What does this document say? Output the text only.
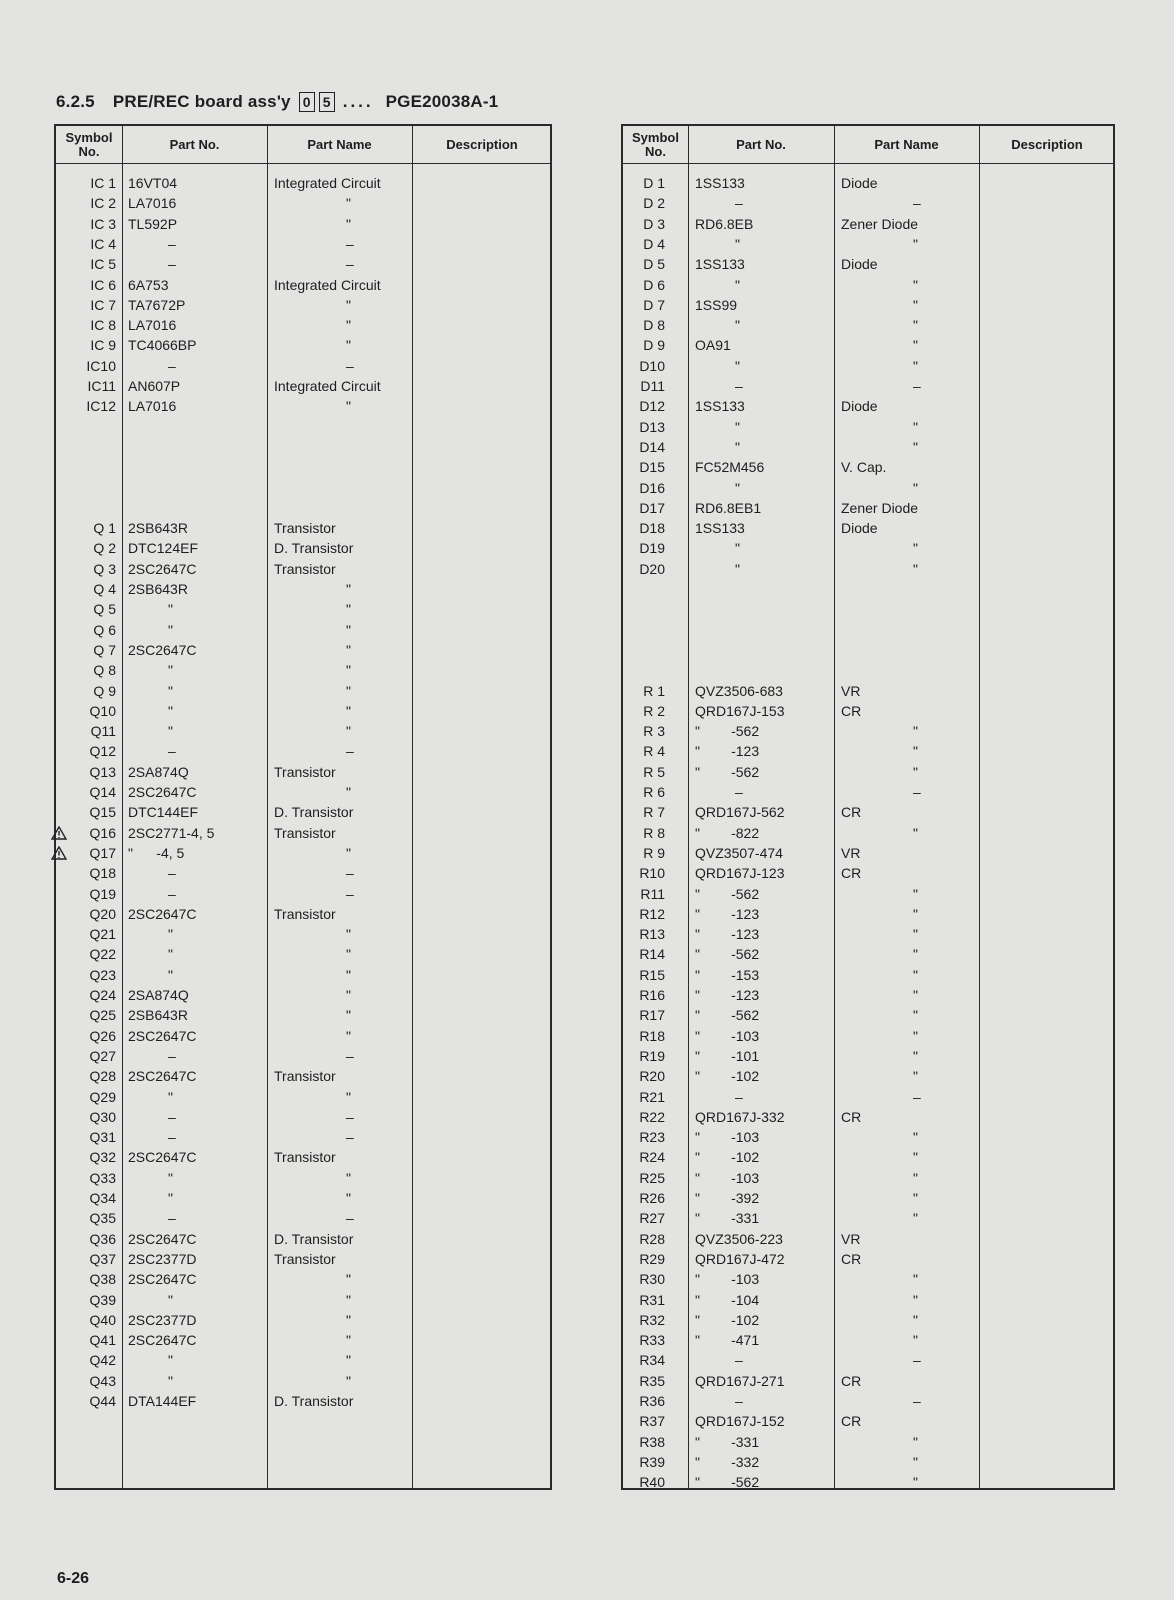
6.2.5 PRE/REC board ass'y 0 5 .... PGE20038A-1
Symbol No.	Part No.	Part Name	Description
IC 1 16VT04	Integrated Circuit
IC 2 LA7016	"
IC 3 TL592P	"
IC 4	–	–
IC 5	–	–
IC 6 6A753	Integrated Circuit
IC 7 TA7672P	"
IC 8 LA7016	"
IC 9 TC4066BP	"
IC10	–	–
IC11 AN607P	Integrated Circuit
IC12 LA7016	"
Q 1 2SB643R	Transistor
Q 2 DTC124EF	D. Transistor
Q 3 2SC2647C	Transistor
Q 4 2SB643R	"
Q 5	"	"
Q 6	"	"
Q 7 2SC2647C	"
Q 8	"	"
Q 9	"	"
Q10	"	"
Q11	"	"
Q12	–	–
Q13 2SA874Q	Transistor
Q14 2SC2647C	"
Q15 DTC144EF	D. Transistor
Q16 2SC2771-4, 5	Transistor
Q17 "      -4, 5	"
Q18	–	–
Q19	–	–
Q20 2SC2647C	Transistor
Q21	"	"
Q22	"	"
Q23	"	"
Q24 2SA874Q	"
Q25 2SB643R	"
Q26 2SC2647C	"
Q27	–	–
Q28 2SC2647C	Transistor
Q29	"	"
Q30	–	–
Q31	–	–
Q32 2SC2647C	Transistor
Q33	"	"
Q34	"	"
Q35	–	–
Q36 2SC2647C	D. Transistor
Q37 2SC2377D	Transistor
Q38 2SC2647C	"
Q39	"	"
Q40 2SC2377D	"
Q41 2SC2647C	"
Q42	"	"
Q43	"	"
Q44 DTA144EF	D. Transistor
Symbol No.	Part No.	Part Name	Description
D 1 1SS133	Diode
D 2	–	–
D 3 RD6.8EB	Zener Diode
D 4	"	"
D 5 1SS133	Diode
D 6	"	"
D 7 1SS99	"
D 8	"	"
D 9 OA91	"
D10	"	"
D11	–	–
D12 1SS133	Diode
D13	"	"
D14	"	"
D15 FC52M456	V. Cap.
D16	"	"
D17 RD6.8EB1	Zener Diode
D18 1SS133	Diode
D19	"	"
D20	"	"
R 1 QVZ3506-683	VR
R 2 QRD167J-153	CR
R 3 "        -562	"
R 4 "        -123	"
R 5 "        -562	"
R 6	–	–
R 7 QRD167J-562	CR
R 8 "        -822	"
R 9 QVZ3507-474	VR
R10 QRD167J-123	CR
R11 "        -562	"
R12 "        -123	"
R13 "        -123	"
R14 "        -562	"
R15 "        -153	"
R16 "        -123	"
R17 "        -562	"
R18 "        -103	"
R19 "        -101	"
R20 "        -102	"
R21	–	–
R22 QRD167J-332	CR
R23 "        -103	"
R24 "        -102	"
R25 "        -103	"
R26 "        -392	"
R27 "        -331	"
R28 QVZ3506-223	VR
R29 QRD167J-472	CR
R30 "        -103	"
R31 "        -104	"
R32 "        -102	"
R33 "        -471	"
R34	–	–
R35 QRD167J-271	CR
R36	–	–
R37 QRD167J-152	CR
R38 "        -331	"
R39 "        -332	"
R40 "        -562	"
6-26
